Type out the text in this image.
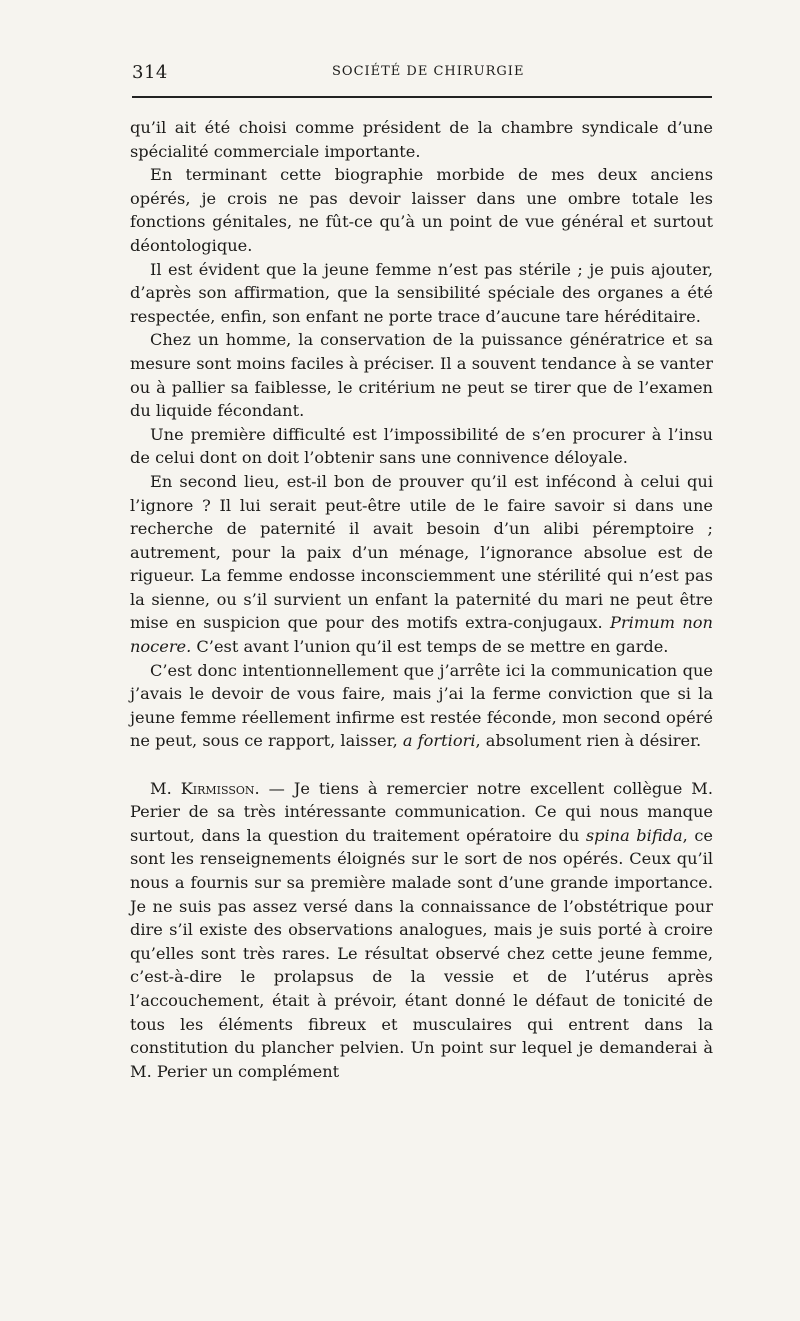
314	SOCIÉTÉ DE CHIRURGIE

qu’il ait été choisi comme président de la chambre syndicale d’une spécialité commerciale importante.

En terminant cette biographie morbide de mes deux anciens opérés, je crois ne pas devoir laisser dans une ombre totale les fonctions génitales, ne fût-ce qu’à un point de vue général et surtout déontologique.

Il est évident que la jeune femme n’est pas stérile ; je puis ajouter, d’après son affirmation, que la sensibilité spéciale des organes a été respectée, enfin, son enfant ne porte trace d’aucune tare héréditaire.

Chez un homme, la conservation de la puissance génératrice et sa mesure sont moins faciles à préciser. Il a souvent tendance à se vanter ou à pallier sa faiblesse, le critérium ne peut se tirer que de l’examen du liquide fécondant.

Une première difficulté est l’impossibilité de s’en procurer à l’insu de celui dont on doit l’obtenir sans une connivence déloyale.

En second lieu, est-il bon de prouver qu’il est infécond à celui qui l’ignore ? Il lui serait peut-être utile de le faire savoir si dans une recherche de paternité il avait besoin d’un alibi péremptoire ; autrement, pour la paix d’un ménage, l’ignorance absolue est de rigueur. La femme endosse inconsciemment une stérilité qui n’est pas la sienne, ou s’il survient un enfant la paternité du mari ne peut être mise en suspicion que pour des motifs extra-conjugaux. Primum non nocere. C’est avant l’union qu’il est temps de se mettre en garde.

C’est donc intentionnellement que j’arrête ici la communication que j’avais le devoir de vous faire, mais j’ai la ferme conviction que si la jeune femme réellement infirme est restée féconde, mon second opéré ne peut, sous ce rapport, laisser, a fortiori, absolument rien à désirer.

M. Kirmisson. — Je tiens à remercier notre excellent collègue M. Perier de sa très intéressante communication. Ce qui nous manque surtout, dans la question du traitement opératoire du spina bifida, ce sont les renseignements éloignés sur le sort de nos opérés. Ceux qu’il nous a fournis sur sa première malade sont d’une grande importance. Je ne suis pas assez versé dans la connaissance de l’obstétrique pour dire s’il existe des observations analogues, mais je suis porté à croire qu’elles sont très rares. Le résultat observé chez cette jeune femme, c’est-à-dire le prolapsus de la vessie et de l’utérus après l’accouchement, était à prévoir, étant donné le défaut de tonicité de tous les éléments fibreux et musculaires qui entrent dans la constitution du plancher pelvien. Un point sur lequel je demanderai à M. Perier un complément
